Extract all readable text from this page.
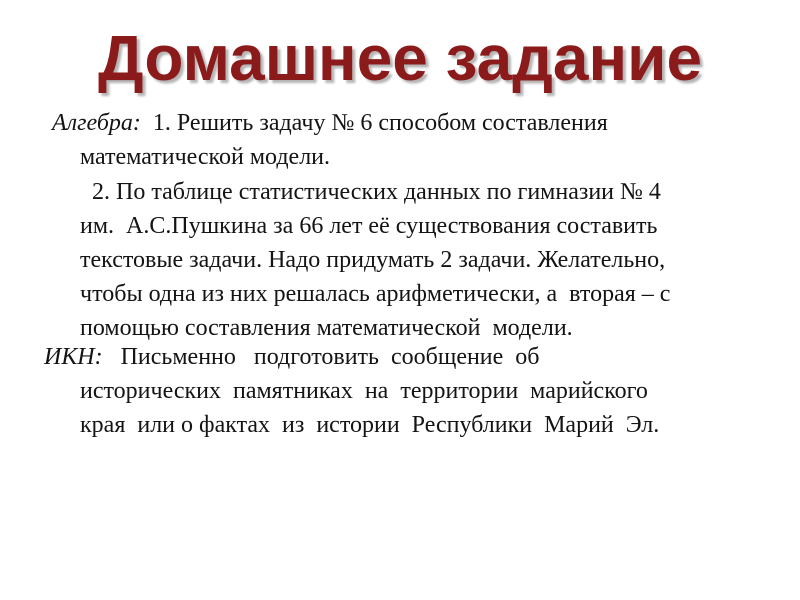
Домашнее задание
Алгебра:  1. Решить задачу № 6 способом составления
математической модели.
2. По таблице статистических данных по гимназии № 4
им.  А.С.Пушкина за 66 лет её существования составить
текстовые задачи. Надо придумать 2 задачи. Желательно,
чтобы одна из них решалась арифметически, а  вторая – с
помощью составления математической  модели.
ИКН:   Письменно   подготовить  сообщение  об
исторических  памятниках  на  территории  марийского
края  или о фактах  из  истории  Республики  Марий  Эл.
